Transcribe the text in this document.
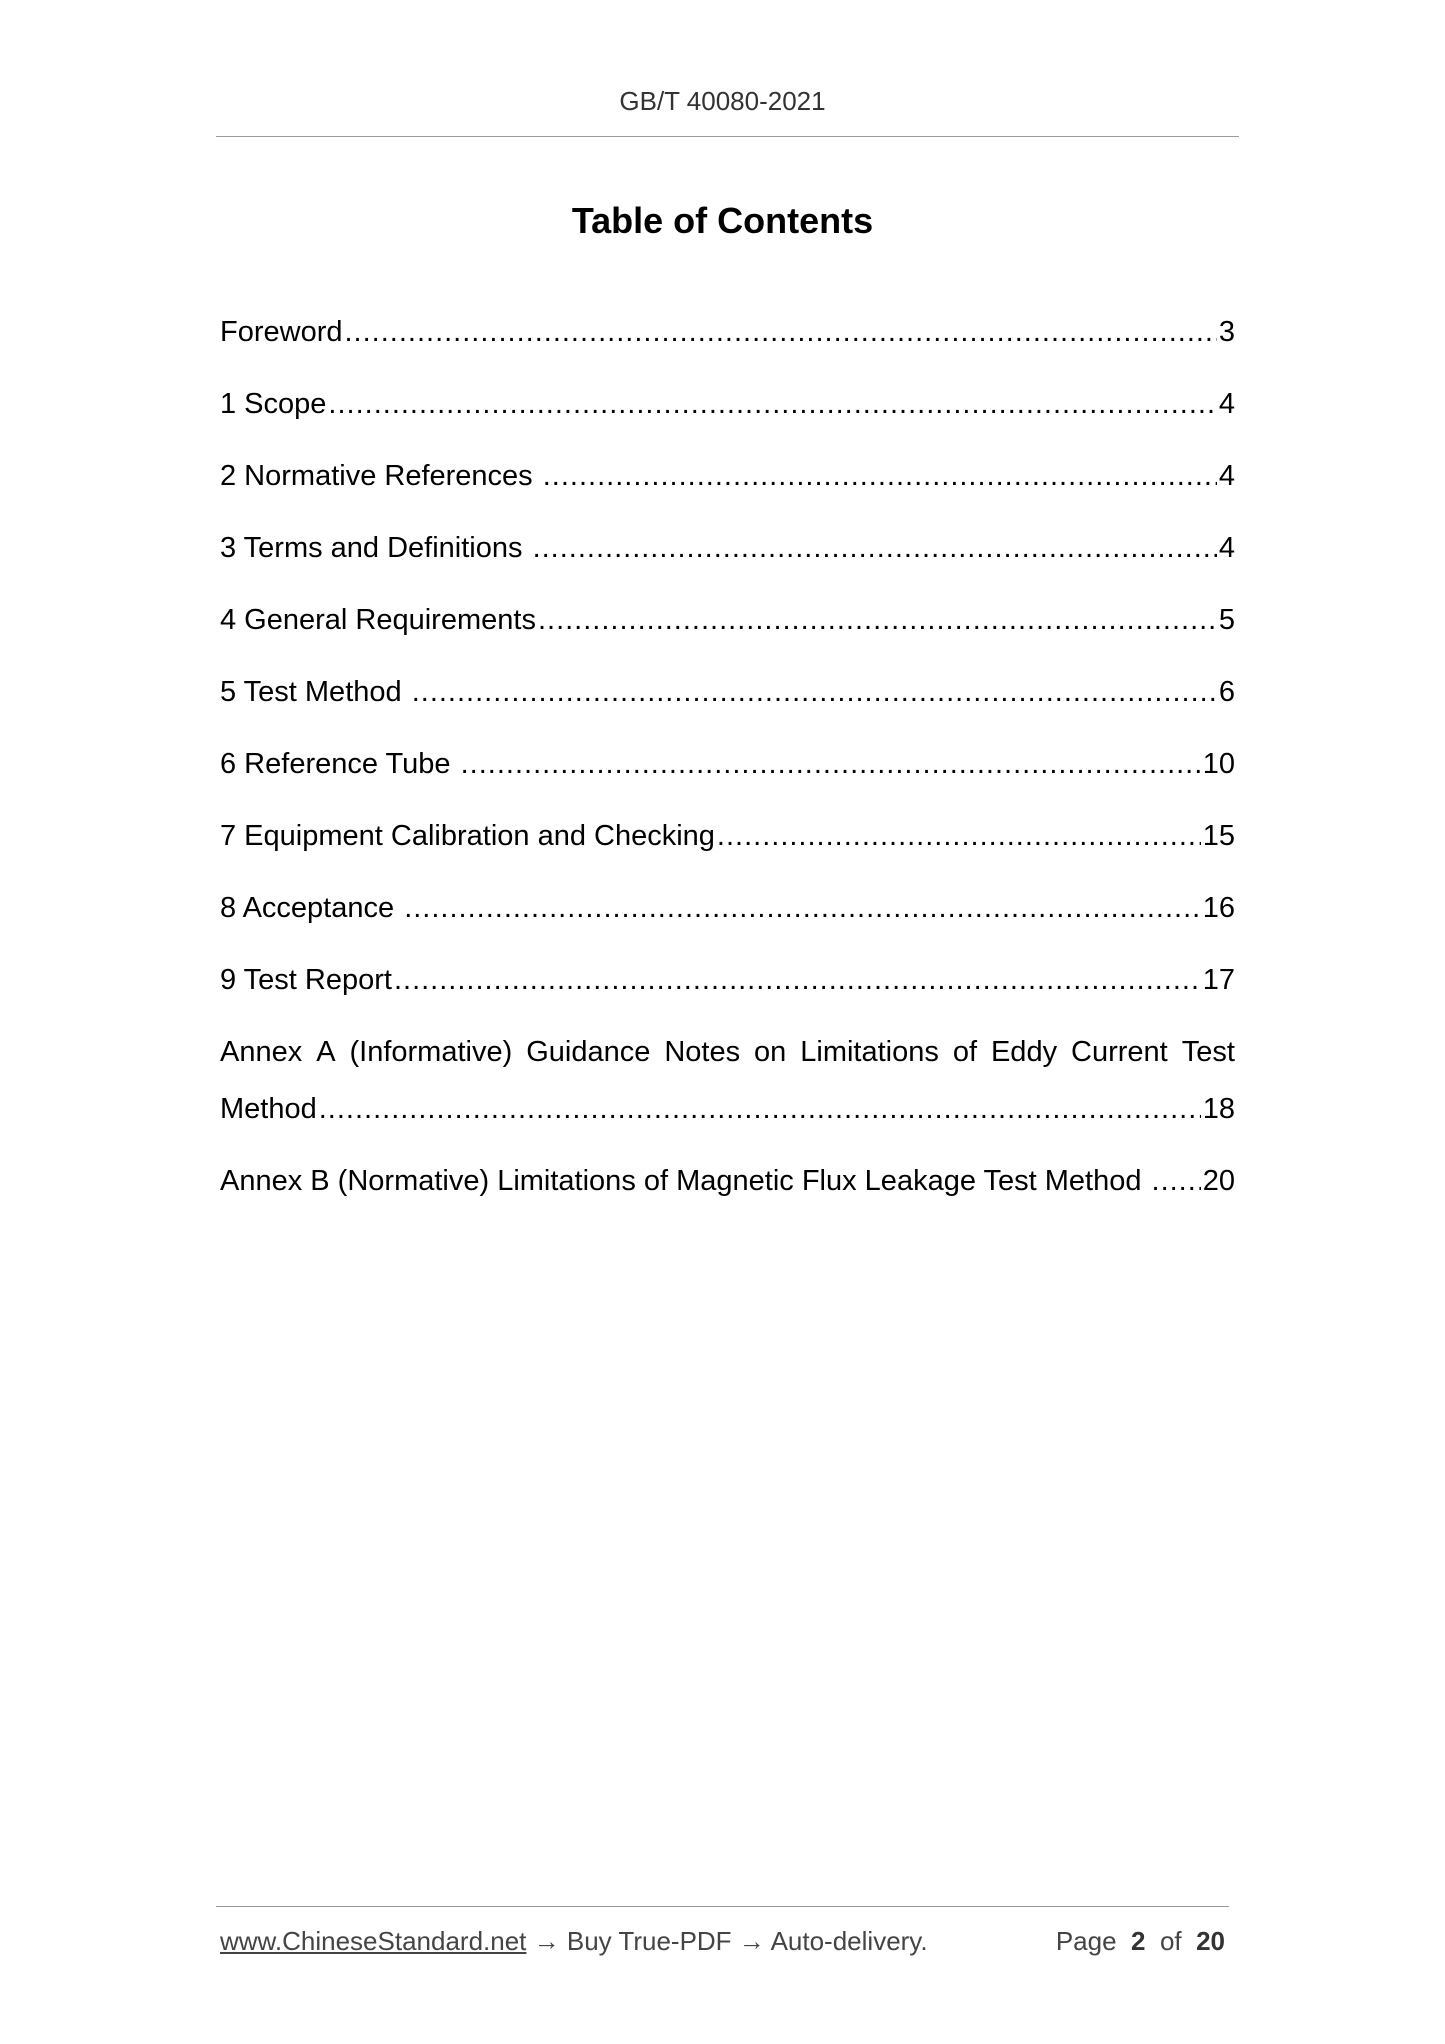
GB/T 40080-2021
Table of Contents
Foreword .....	3
1 Scope .....	4
2 Normative References .....	4
3 Terms and Definitions .....	4
4 General Requirements .....	5
5 Test Method .....	6
6 Reference Tube .....	10
7 Equipment Calibration and Checking .....	15
8 Acceptance .....	16
9 Test Report .....	17
Annex A (Informative) Guidance Notes on Limitations of Eddy Current Test
Method .....	18
Annex B (Normative) Limitations of Magnetic Flux Leakage Test Method ..... 20
www.ChineseStandard.net → Buy True-PDF → Auto-delivery.	Page 2 of 20
